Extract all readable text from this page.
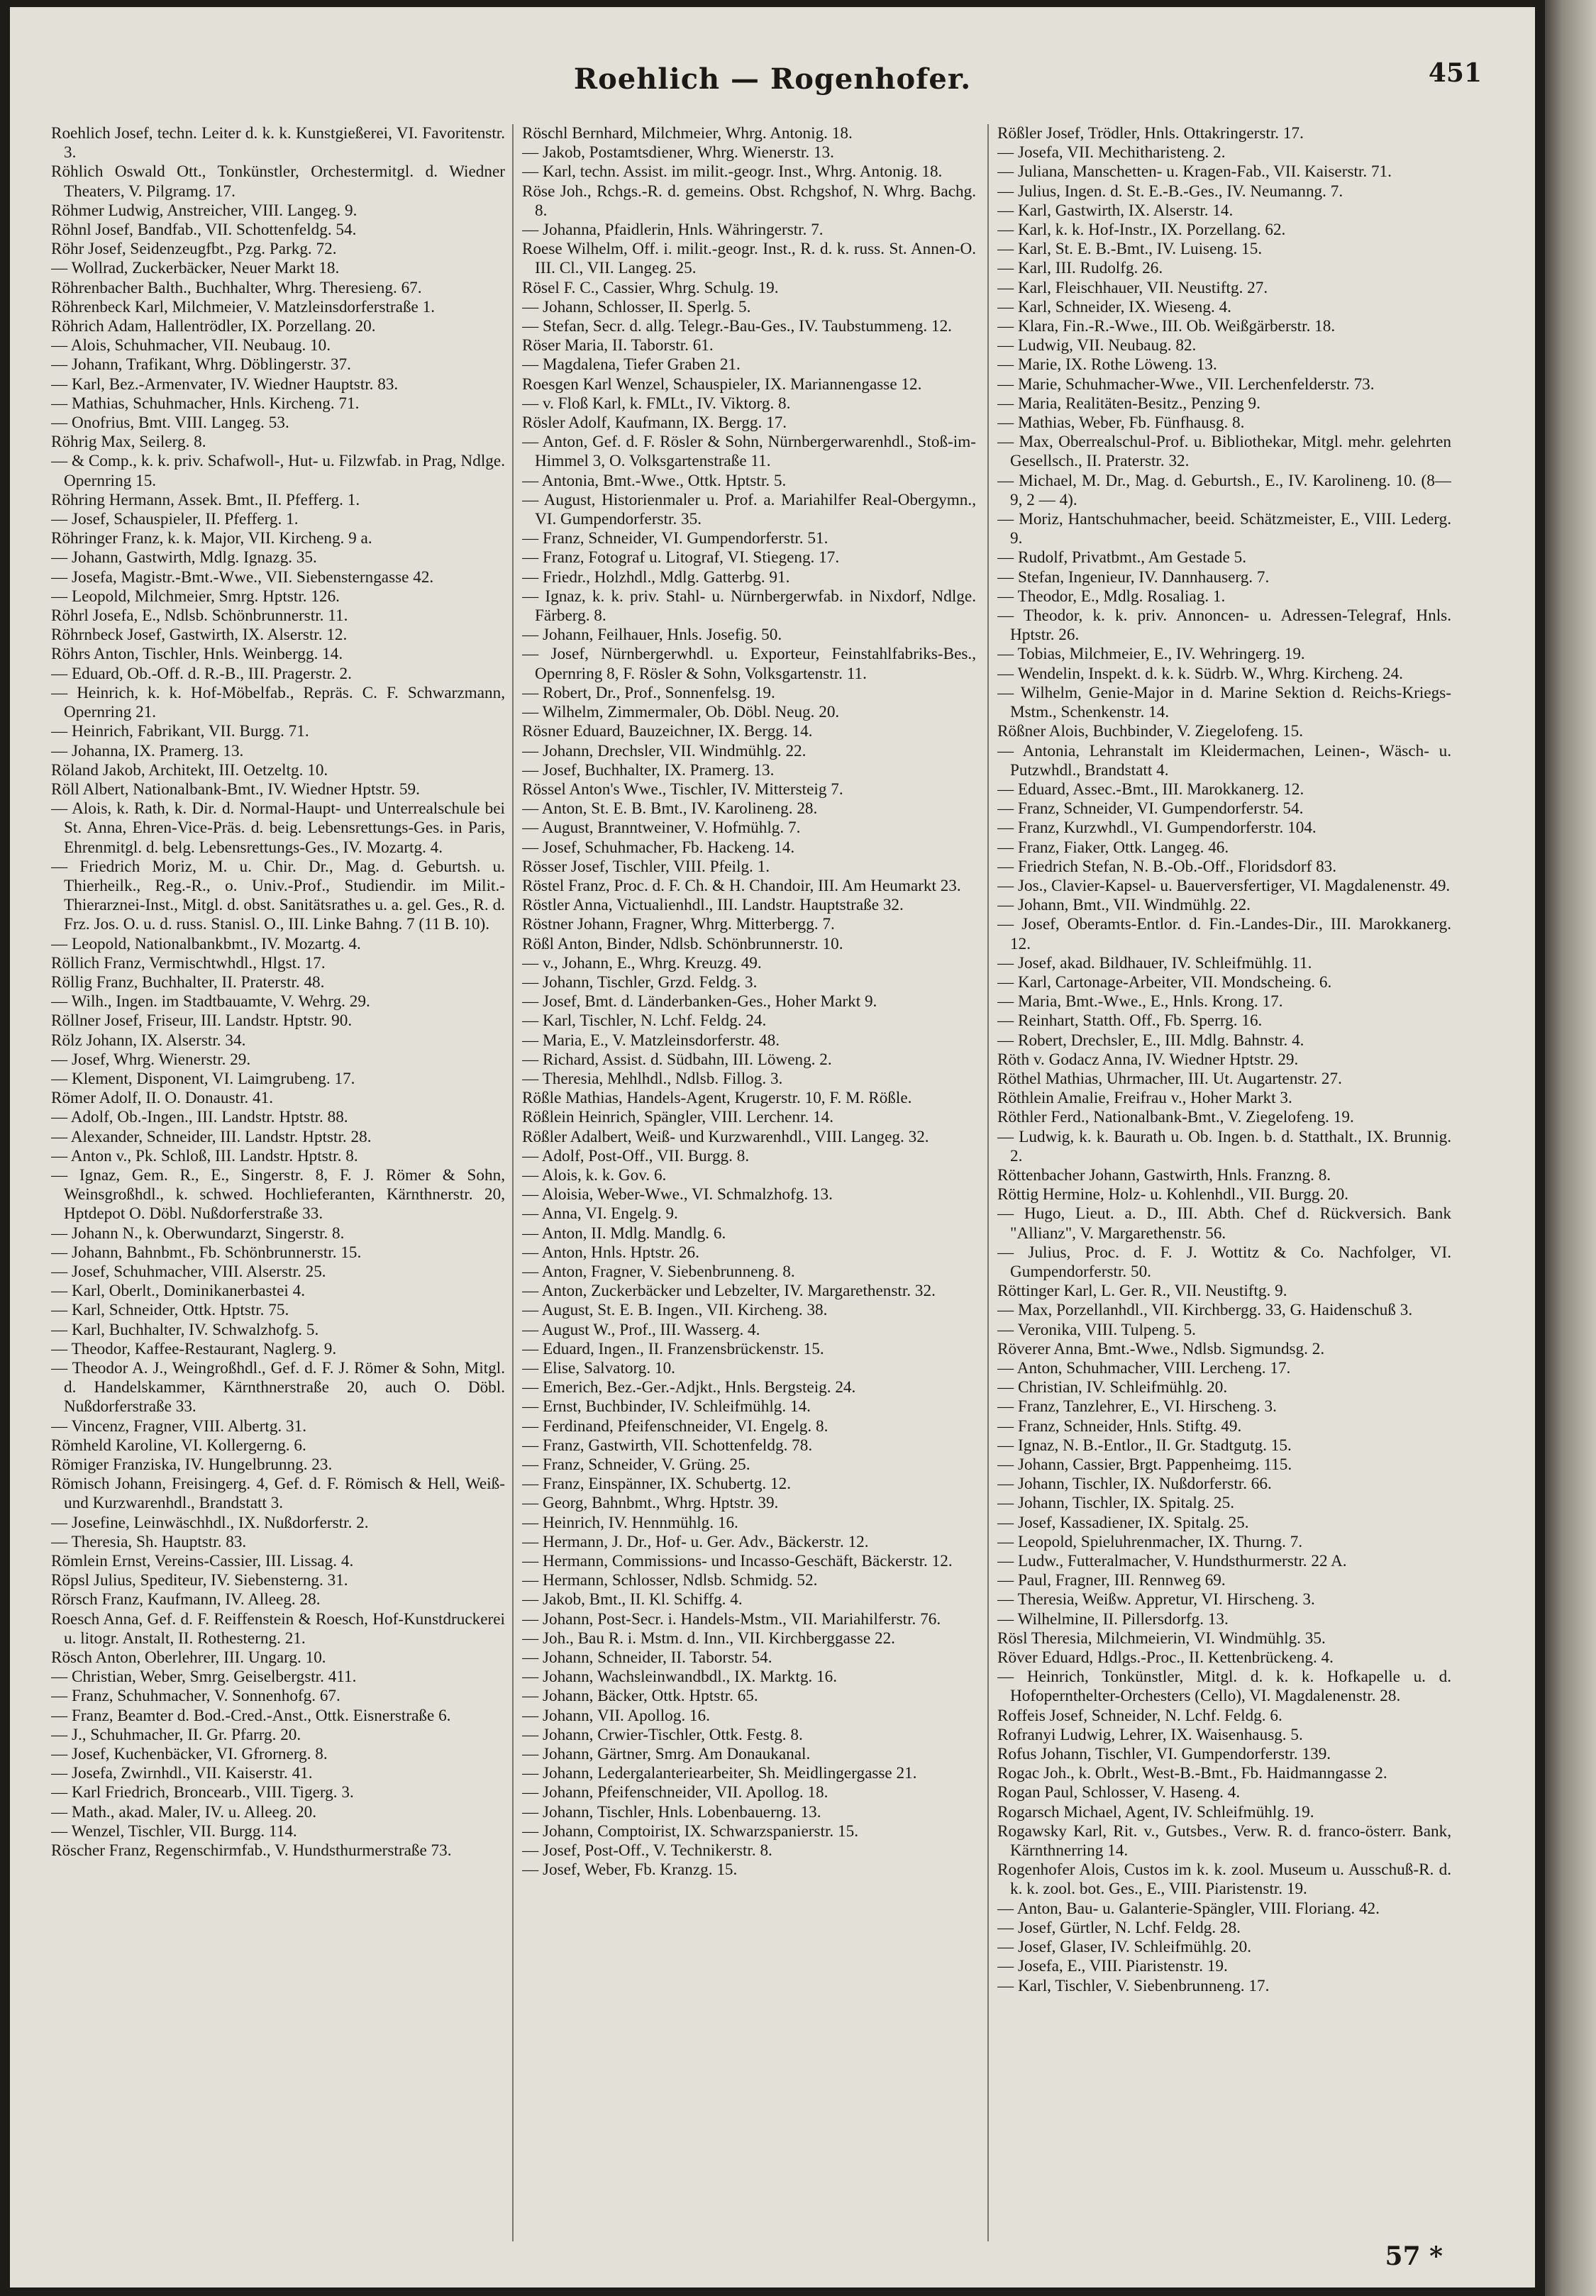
Roehlich — Rogenhofer.	451
Roehlich Josef, techn. Leiter d. k. k. Kunstgießerei, VI. Favoritenstr. 3.
Röhlich Oswald Ott., Tonkünstler, Orchestermitgl. d. Wiedner Theaters, V. Pilgramg. 17.
Röhmer Ludwig, Anstreicher, VIII. Langeg. 9.
Röhnl Josef, Bandfab., VII. Schottenfeldg. 54.
Röhr Josef, Seidenzeugfbt., Pzg. Parkg. 72.
— Wollrad, Zuckerbäcker, Neuer Markt 18.
Röhrenbacher Balth., Buchhalter, Whrg. Theresieng. 67.
Röhrenbeck Karl, Milchmeier, V. Matzleinsdorferstraße 1.
Röhrich Adam, Hallentrödler, IX. Porzellang. 20.
— Alois, Schuhmacher, VII. Neubaug. 10.
— Johann, Trafikant, Whrg. Döblingerstr. 37.
— Karl, Bez.-Armenvater, IV. Wiedner Hauptstr. 83.
— Mathias, Schuhmacher, Hnls. Kircheng. 71.
— Onofrius, Bmt. VIII. Langeg. 53.
Röhrig Max, Seilerg. 8.
— & Comp., k. k. priv. Schafwoll-, Hut- u. Filzwfab. in Prag, Ndlge. Opernring 15.
Röhring Hermann, Assek. Bmt., II. Pfefferg. 1.
— Josef, Schauspieler, II. Pfefferg. 1.
Röhringer Franz, k. k. Major, VII. Kircheng. 9 a.
— Johann, Gastwirth, Mdlg. Ignazg. 35.
— Josefa, Magistr.-Bmt.-Wwe., VII. Siebensterngasse 42.
— Leopold, Milchmeier, Smrg. Hptstr. 126.
Röhrl Josefa, E., Ndlsb. Schönbrunnerstr. 11.
Röhrnbeck Josef, Gastwirth, IX. Alserstr. 12.
Röhrs Anton, Tischler, Hnls. Weinbergg. 14.
— Eduard, Ob.-Off. d. R.-B., III. Pragerstr. 2.
— Heinrich, k. k. Hof-Möbelfab., Repräs. C. F. Schwarzmann, Opernring 21.
— Heinrich, Fabrikant, VII. Burgg. 71.
— Johanna, IX. Pramerg. 13.
Röland Jakob, Architekt, III. Oetzeltg. 10.
Röll Albert, Nationalbank-Bmt., IV. Wiedner Hptstr. 59.
— Alois, k. Rath, k. Dir. d. Normal-Haupt- und Unterrealschule bei St. Anna, Ehren-Vice-Präs. d. beig. Lebensrettungs-Ges. in Paris, Ehrenmitgl. d. belg. Lebensrettungs-Ges., IV. Mozartg. 4.
— Friedrich Moriz, M. u. Chir. Dr., Mag. d. Geburtsh. u. Thierheilk., Reg.-R., o. Univ.-Prof., Studiendir. im Milit.-Thierarznei-Inst., Mitgl. d. obst. Sanitätsrathes u. a. gel. Ges., R. d. Frz. Jos. O. u. d. russ. Stanisl. O., III. Linke Bahng. 7 (11 B. 10).
— Leopold, Nationalbankbmt., IV. Mozartg. 4.
Röllich Franz, Vermischtwhdl., Hlgst. 17.
Röllig Franz, Buchhalter, II. Praterstr. 48.
— Wilh., Ingen. im Stadtbauamte, V. Wehrg. 29.
Röllner Josef, Friseur, III. Landstr. Hptstr. 90.
Rölz Johann, IX. Alserstr. 34.
— Josef, Whrg. Wienerstr. 29.
— Klement, Disponent, VI. Laimgrubeng. 17.
Römer Adolf, II. O. Donaustr. 41.
— Adolf, Ob.-Ingen., III. Landstr. Hptstr. 88.
— Alexander, Schneider, III. Landstr. Hptstr. 28.
— Anton v., Pk. Schloß, III. Landstr. Hptstr. 8.
— Ignaz, Gem. R., E., Singerstr. 8, F. J. Römer & Sohn, Weinsgroßhdl., k. schwed. Hochlieferanten, Kärnthnerstr. 20, Hptdepot O. Döbl. Nußdorferstraße 33.
— Johann N., k. Oberwundarzt, Singerstr. 8.
— Johann, Bahnbmt., Fb. Schönbrunnerstr. 15.
— Josef, Schuhmacher, VIII. Alserstr. 25.
— Karl, Oberlt., Dominikanerbastei 4.
— Karl, Schneider, Ottk. Hptstr. 75.
— Karl, Buchhalter, IV. Schwalzhofg. 5.
— Theodor, Kaffee-Restaurant, Naglerg. 9.
— Theodor A. J., Weingroßhdl., Gef. d. F. J. Römer & Sohn, Mitgl. d. Handelskammer, Kärnthnerstraße 20, auch O. Döbl. Nußdorferstraße 33.
— Vincenz, Fragner, VIII. Albertg. 31.
Römheld Karoline, VI. Kollergerng. 6.
Römiger Franziska, IV. Hungelbrunng. 23.
Römisch Johann, Freisingerg. 4, Gef. d. F. Römisch & Hell, Weiß- und Kurzwarenhdl., Brandstatt 3.
— Josefine, Leinwäschhdl., IX. Nußdorferstr. 2.
— Theresia, Sh. Hauptstr. 83.
Römlein Ernst, Vereins-Cassier, III. Lissag. 4.
Röpsl Julius, Spediteur, IV. Siebensterng. 31.
Rörsch Franz, Kaufmann, IV. Alleeg. 28.
Roesch Anna, Gef. d. F. Reiffenstein & Roesch, Hof-Kunstdruckerei u. litogr. Anstalt, II. Rothesterng. 21.
Rösch Anton, Oberlehrer, III. Ungarg. 10.
— Christian, Weber, Smrg. Geiselbergstr. 411.
— Franz, Schuhmacher, V. Sonnenhofg. 67.
— Franz, Beamter d. Bod.-Cred.-Anst., Ottk. Eisnerstraße 6.
— J., Schuhmacher, II. Gr. Pfarrg. 20.
— Josef, Kuchenbäcker, VI. Gfrornerg. 8.
— Josefa, Zwirnhdl., VII. Kaiserstr. 41.
— Karl Friedrich, Broncearb., VIII. Tigerg. 3.
— Math., akad. Maler, IV. u. Alleeg. 20.
— Wenzel, Tischler, VII. Burgg. 114.
Röscher Franz, Regenschirmfab., V. Hundsthurmerstraße 73.
Röschl Bernhard, Milchmeier, Whrg. Antonig. 18.
— Jakob, Postamtsdiener, Whrg. Wienerstr. 13.
— Karl, techn. Assist. im milit.-geogr. Inst., Whrg. Antonig. 18.
Röse Joh., Rchgs.-R. d. gemeins. Obst. Rchgshof, N. Whrg. Bachg. 8.
— Johanna, Pfaidlerin, Hnls. Währingerstr. 7.
Roese Wilhelm, Off. i. milit.-geogr. Inst., R. d. k. russ. St. Annen-O. III. Cl., VII. Langeg. 25.
Rösel F. C., Cassier, Whrg. Schulg. 19.
— Johann, Schlosser, II. Sperlg. 5.
— Stefan, Secr. d. allg. Telegr.-Bau-Ges., IV. Taubstummeng. 12.
Röser Maria, II. Taborstr. 61.
— Magdalena, Tiefer Graben 21.
Roesgen Karl Wenzel, Schauspieler, IX. Mariannengasse 12.
— v. Floß Karl, k. FMLt., IV. Viktorg. 8.
Rösler Adolf, Kaufmann, IX. Bergg. 17.
— Anton, Gef. d. F. Rösler & Sohn, Nürnbergerwarenhdl., Stoß-im-Himmel 3, O. Volksgartenstraße 11.
— Antonia, Bmt.-Wwe., Ottk. Hptstr. 5.
— August, Historienmaler u. Prof. a. Mariahilfer Real-Obergymn., VI. Gumpendorferstr. 35.
— Franz, Schneider, VI. Gumpendorferstr. 51.
— Franz, Fotograf u. Litograf, VI. Stiegeng. 17.
— Friedr., Holzhdl., Mdlg. Gatterbg. 91.
— Ignaz, k. k. priv. Stahl- u. Nürnbergerwfab. in Nixdorf, Ndlge. Färberg. 8.
— Johann, Feilhauer, Hnls. Josefig. 50.
— Josef, Nürnbergerwhdl. u. Exporteur, Feinstahlfabriks-Bes., Opernring 8, F. Rösler & Sohn, Volksgartenstr. 11.
— Robert, Dr., Prof., Sonnenfelsg. 19.
— Wilhelm, Zimmermaler, Ob. Döbl. Neug. 20.
Rösner Eduard, Bauzeichner, IX. Bergg. 14.
— Johann, Drechsler, VII. Windmühlg. 22.
— Josef, Buchhalter, IX. Pramerg. 13.
Rössel Anton's Wwe., Tischler, IV. Mittersteig 7.
— Anton, St. E. B. Bmt., IV. Karolineng. 28.
— August, Branntweiner, V. Hofmühlg. 7.
— Josef, Schuhmacher, Fb. Hackeng. 14.
Rösser Josef, Tischler, VIII. Pfeilg. 1.
Röstel Franz, Proc. d. F. Ch. & H. Chandoir, III. Am Heumarkt 23.
Röstler Anna, Victualienhdl., III. Landstr. Hauptstraße 32.
Röstner Johann, Fragner, Whrg. Mitterbergg. 7.
Rößl Anton, Binder, Ndlsb. Schönbrunnerstr. 10.
— v., Johann, E., Whrg. Kreuzg. 49.
— Johann, Tischler, Grzd. Feldg. 3.
— Josef, Bmt. d. Länderbanken-Ges., Hoher Markt 9.
— Karl, Tischler, N. Lchf. Feldg. 24.
— Maria, E., V. Matzleinsdorferstr. 48.
— Richard, Assist. d. Südbahn, III. Löweng. 2.
— Theresia, Mehlhdl., Ndlsb. Fillog. 3.
Rößle Mathias, Handels-Agent, Krugerstr. 10, F. M. Rößle.
Rößlein Heinrich, Spängler, VIII. Lerchenr. 14.
Rößler Adalbert, Weiß- und Kurzwarenhdl., VIII. Langeg. 32.
— Adolf, Post-Off., VII. Burgg. 8.
— Alois, k. k. Gov. 6.
— Aloisia, Weber-Wwe., VI. Schmalzhofg. 13.
— Anna, VI. Engelg. 9.
— Anton, II. Mdlg. Mandlg. 6.
— Anton, Hnls. Hptstr. 26.
— Anton, Fragner, V. Siebenbrunneng. 8.
— Anton, Zuckerbäcker und Lebzelter, IV. Margarethenstr. 32.
— August, St. E. B. Ingen., VII. Kircheng. 38.
— August W., Prof., III. Wasserg. 4.
— Eduard, Ingen., II. Franzensbrückenstr. 15.
— Elise, Salvatorg. 10.
— Emerich, Bez.-Ger.-Adjkt., Hnls. Bergsteig. 24.
— Ernst, Buchbinder, IV. Schleifmühlg. 14.
— Ferdinand, Pfeifenschneider, VI. Engelg. 8.
— Franz, Gastwirth, VII. Schottenfeldg. 78.
— Franz, Schneider, V. Grüng. 25.
— Franz, Einspänner, IX. Schubertg. 12.
— Georg, Bahnbmt., Whrg. Hptstr. 39.
— Heinrich, IV. Hennmühlg. 16.
— Hermann, J. Dr., Hof- u. Ger. Adv., Bäckerstr. 12.
— Hermann, Commissions- und Incasso-Geschäft, Bäckerstr. 12.
— Hermann, Schlosser, Ndlsb. Schmidg. 52.
— Jakob, Bmt., II. Kl. Schiffg. 4.
— Johann, Post-Secr. i. Handels-Mstm., VII. Mariahilferstr. 76.
— Joh., Bau R. i. Mstm. d. Inn., VII. Kirchberggasse 22.
— Johann, Schneider, II. Taborstr. 54.
— Johann, Wachsleinwandbdl., IX. Marktg. 16.
— Johann, Bäcker, Ottk. Hptstr. 65.
— Johann, VII. Apollog. 16.
— Johann, Crwier-Tischler, Ottk. Festg. 8.
— Johann, Gärtner, Smrg. Am Donaukanal.
— Johann, Ledergalanteriearbeiter, Sh. Meidlingergasse 21.
— Johann, Pfeifenschneider, VII. Apollog. 18.
— Johann, Tischler, Hnls. Lobenbauerng. 13.
— Johann, Comptoirist, IX. Schwarzspanierstr. 15.
— Josef, Post-Off., V. Technikerstr. 8.
— Josef, Weber, Fb. Kranzg. 15.
Rößler Josef, Trödler, Hnls. Ottakringerstr. 17.
— Josefa, VII. Mechitharisteng. 2.
— Juliana, Manschetten- u. Kragen-Fab., VII. Kaiserstr. 71.
— Julius, Ingen. d. St. E.-B.-Ges., IV. Neumanng. 7.
— Karl, Gastwirth, IX. Alserstr. 14.
— Karl, k. k. Hof-Instr., IX. Porzellang. 62.
— Karl, St. E. B.-Bmt., IV. Luiseng. 15.
— Karl, III. Rudolfg. 26.
— Karl, Fleischhauer, VII. Neustiftg. 27.
— Karl, Schneider, IX. Wieseng. 4.
— Klara, Fin.-R.-Wwe., III. Ob. Weißgärberstr. 18.
— Ludwig, VII. Neubaug. 82.
— Marie, IX. Rothe Löweng. 13.
— Marie, Schuhmacher-Wwe., VII. Lerchenfelderstr. 73.
— Maria, Realitäten-Besitz., Penzing 9.
— Mathias, Weber, Fb. Fünfhausg. 8.
— Max, Oberrealschul-Prof. u. Bibliothekar, Mitgl. mehr. gelehrten Gesellsch., II. Praterstr. 32.
— Michael, M. Dr., Mag. d. Geburtsh., E., IV. Karolineng. 10. (8—9, 2 — 4).
— Moriz, Hantschuhmacher, beeid. Schätzmeister, E., VIII. Lederg. 9.
— Rudolf, Privatbmt., Am Gestade 5.
— Stefan, Ingenieur, IV. Dannhauserg. 7.
— Theodor, E., Mdlg. Rosaliag. 1.
— Theodor, k. k. priv. Annoncen- u. Adressen-Telegraf, Hnls. Hptstr. 26.
— Tobias, Milchmeier, E., IV. Wehringerg. 19.
— Wendelin, Inspekt. d. k. k. Südrb. W., Whrg. Kircheng. 24.
— Wilhelm, Genie-Major in d. Marine Sektion d. Reichs-Kriegs-Mstm., Schenkenstr. 14.
Rößner Alois, Buchbinder, V. Ziegelofeng. 15.
— Antonia, Lehranstalt im Kleidermachen, Leinen-, Wäsch- u. Putzwhdl., Brandstatt 4.
— Eduard, Assec.-Bmt., III. Marokkanerg. 12.
— Franz, Schneider, VI. Gumpendorferstr. 54.
— Franz, Kurzwhdl., VI. Gumpendorferstr. 104.
— Franz, Fiaker, Ottk. Langeg. 46.
— Friedrich Stefan, N. B.-Ob.-Off., Floridsdorf 83.
— Jos., Clavier-Kapsel- u. Bauerversfertiger, VI. Magdalenenstr. 49.
— Johann, Bmt., VII. Windmühlg. 22.
— Josef, Oberamts-Entlor. d. Fin.-Landes-Dir., III. Marokkanerg. 12.
— Josef, akad. Bildhauer, IV. Schleifmühlg. 11.
— Karl, Cartonage-Arbeiter, VII. Mondscheing. 6.
— Maria, Bmt.-Wwe., E., Hnls. Krong. 17.
— Reinhart, Statth. Off., Fb. Sperrg. 16.
— Robert, Drechsler, E., III. Mdlg. Bahnstr. 4.
Röth v. Godacz Anna, IV. Wiedner Hptstr. 29.
Röthel Mathias, Uhrmacher, III. Ut. Augartenstr. 27.
Röthlein Amalie, Freifrau v., Hoher Markt 3.
Röthler Ferd., Nationalbank-Bmt., V. Ziegelofeng. 19.
— Ludwig, k. k. Baurath u. Ob. Ingen. b. d. Statthalt., IX. Brunnig. 2.
Röttenbacher Johann, Gastwirth, Hnls. Franzng. 8.
Röttig Hermine, Holz- u. Kohlenhdl., VII. Burgg. 20.
— Hugo, Lieut. a. D., III. Abth. Chef d. Rückversich. Bank "Allianz", V. Margarethenstr. 56.
— Julius, Proc. d. F. J. Wottitz & Co. Nachfolger, VI. Gumpendorferstr. 50.
Röttinger Karl, L. Ger. R., VII. Neustiftg. 9.
— Max, Porzellanhdl., VII. Kirchbergg. 33, G. Haidenschuß 3.
— Veronika, VIII. Tulpeng. 5.
Röverer Anna, Bmt.-Wwe., Ndlsb. Sigmundsg. 2.
— Anton, Schuhmacher, VIII. Lercheng. 17.
— Christian, IV. Schleifmühlg. 20.
— Franz, Tanzlehrer, E., VI. Hirscheng. 3.
— Franz, Schneider, Hnls. Stiftg. 49.
— Ignaz, N. B.-Entlor., II. Gr. Stadtgutg. 15.
— Johann, Cassier, Brgt. Pappenheimg. 115.
— Johann, Tischler, IX. Nußdorferstr. 66.
— Johann, Tischler, IX. Spitalg. 25.
— Josef, Kassadiener, IX. Spitalg. 25.
— Leopold, Spieluhrenmacher, IX. Thurng. 7.
— Ludw., Futteralmacher, V. Hundsthurmerstr. 22 A.
— Paul, Fragner, III. Rennweg 69.
— Theresia, Weißw. Appretur, VI. Hirscheng. 3.
— Wilhelmine, II. Pillersdorfg. 13.
Rösl Theresia, Milchmeierin, VI. Windmühlg. 35.
Röver Eduard, Hdlgs.-Proc., II. Kettenbrückeng. 4.
— Heinrich, Tonkünstler, Mitgl. d. k. k. Hofkapelle u. d. Hofopernthelter-Orchesters (Cello), VI. Magdalenenstr. 28.
Roffeis Josef, Schneider, N. Lchf. Feldg. 6.
Rofranyi Ludwig, Lehrer, IX. Waisenhausg. 5.
Rofus Johann, Tischler, VI. Gumpendorferstr. 139.
Rogac Joh., k. Obrlt., West-B.-Bmt., Fb. Haidmanngasse 2.
Rogan Paul, Schlosser, V. Haseng. 4.
Rogarsch Michael, Agent, IV. Schleifmühlg. 19.
Rogawsky Karl, Rit. v., Gutsbes., Verw. R. d. franco-österr. Bank, Kärnthnerring 14.
Rogenhofer Alois, Custos im k. k. zool. Museum u. Ausschuß-R. d. k. k. zool. bot. Ges., E., VIII. Piaristenstr. 19.
— Anton, Bau- u. Galanterie-Spängler, VIII. Floriang. 42.
— Josef, Gürtler, N. Lchf. Feldg. 28.
— Josef, Glaser, IV. Schleifmühlg. 20.
— Josefa, E., VIII. Piaristenstr. 19.
— Karl, Tischler, V. Siebenbrunneng. 17.
57 *
